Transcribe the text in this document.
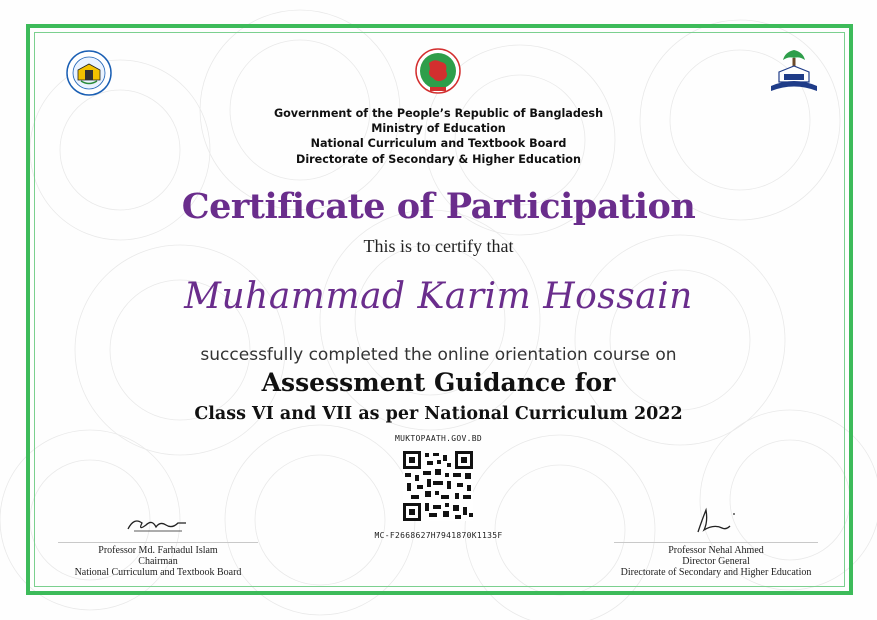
Government of the People’s Republic of Bangladesh
Ministry of Education
National Curriculum and Textbook Board
Directorate of Secondary & Higher Education
Certificate of Participation
This is to certify that
Muhammad Karim Hossain
successfully completed the online orientation course on
Assessment Guidance for
Class VI and VII as per National Curriculum 2022
MUKTOPAATH.GOV.BD
MC-F2668627H7941870K1135F
Professor Md. Farhadul Islam
Chairman
National Curriculum and Textbook Board
Professor Nehal Ahmed
Director General
Directorate of Secondary and Higher Education
